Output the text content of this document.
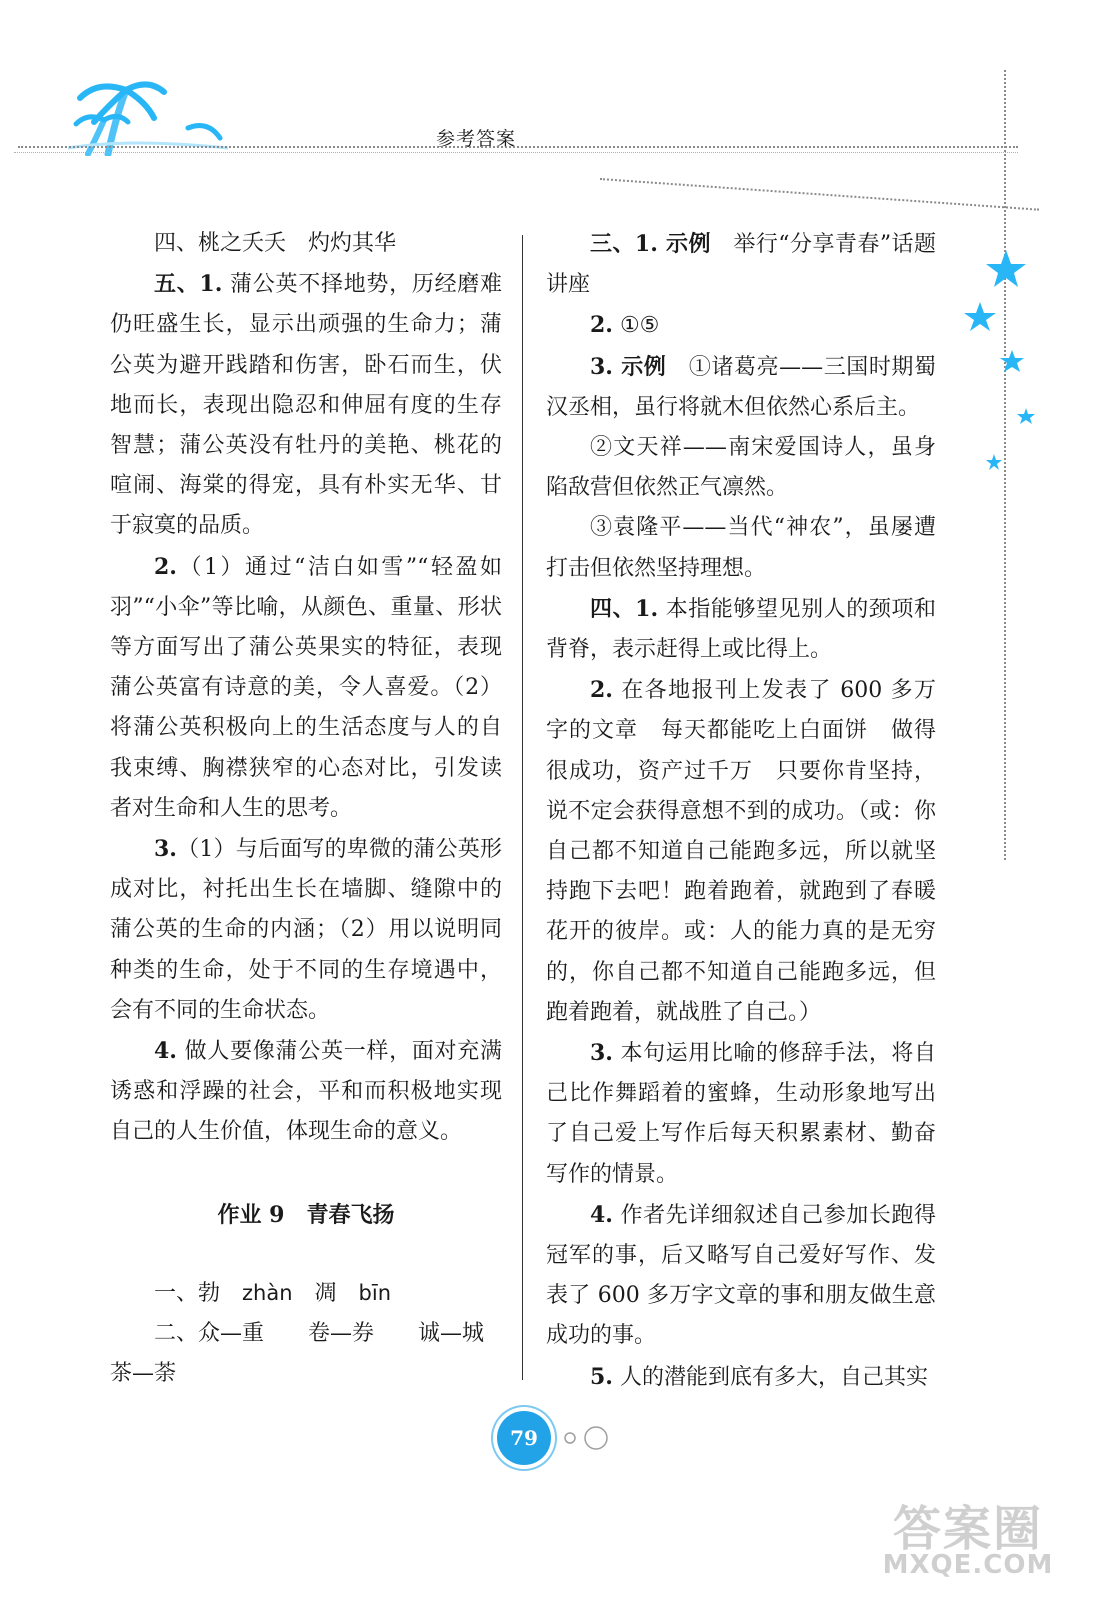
参考答案

四、桃之夭夭　灼灼其华

五、1. 蒲公英不择地势，历经磨难仍旺盛生长，显示出顽强的生命力；蒲公英为避开践踏和伤害，卧石而生，伏地而长，表现出隐忍和伸屈有度的生存智慧；蒲公英没有牡丹的美艳、桃花的喧闹、海棠的得宠，具有朴实无华、甘于寂寞的品质。

2.（1）通过“洁白如雪”“轻盈如羽”“小伞”等比喻，从颜色、重量、形状等方面写出了蒲公英果实的特征，表现蒲公英富有诗意的美，令人喜爱。（2）将蒲公英积极向上的生活态度与人的自我束缚、胸襟狭窄的心态对比，引发读者对生命和人生的思考。

3.（1）与后面写的卑微的蒲公英形成对比，衬托出生长在墙脚、缝隙中的蒲公英的生命的内涵；（2）用以说明同种类的生命，处于不同的生存境遇中，会有不同的生命状态。

4. 做人要像蒲公英一样，面对充满诱惑和浮躁的社会，平和而积极地实现自己的人生价值，体现生命的意义。

作业 9　青春飞扬

一、勃　zhàn　凋　bīn

二、众—重　　卷—券　　诚—城

茶—荼

三、1. 示例　举行“分享青春”话题讲座

2. ①⑤

3. 示例　①诸葛亮——三国时期蜀汉丞相，虽行将就木但依然心系后主。

②文天祥——南宋爱国诗人，虽身陷敌营但依然正气凛然。

③袁隆平——当代“神农”，虽屡遭打击但依然坚持理想。

四、1. 本指能够望见别人的颈项和背脊，表示赶得上或比得上。

2. 在各地报刊上发表了 600 多万字的文章　每天都能吃上白面饼　做得很成功，资产过千万　只要你肯坚持，说不定会获得意想不到的成功。（或：你自己都不知道自己能跑多远，所以就坚持跑下去吧！跑着跑着，就跑到了春暖花开的彼岸。或：人的能力真的是无穷的，你自己都不知道自己能跑多远，但跑着跑着，就战胜了自己。）

3. 本句运用比喻的修辞手法，将自己比作舞蹈着的蜜蜂，生动形象地写出了自己爱上写作后每天积累素材、勤奋写作的情景。

4. 作者先详细叙述自己参加长跑得冠军的事，后又略写自己爱好写作、发表了 600 多万字文章的事和朋友做生意成功的事。

5. 人的潜能到底有多大，自己其实

79
答案圈
MXQE.COM
